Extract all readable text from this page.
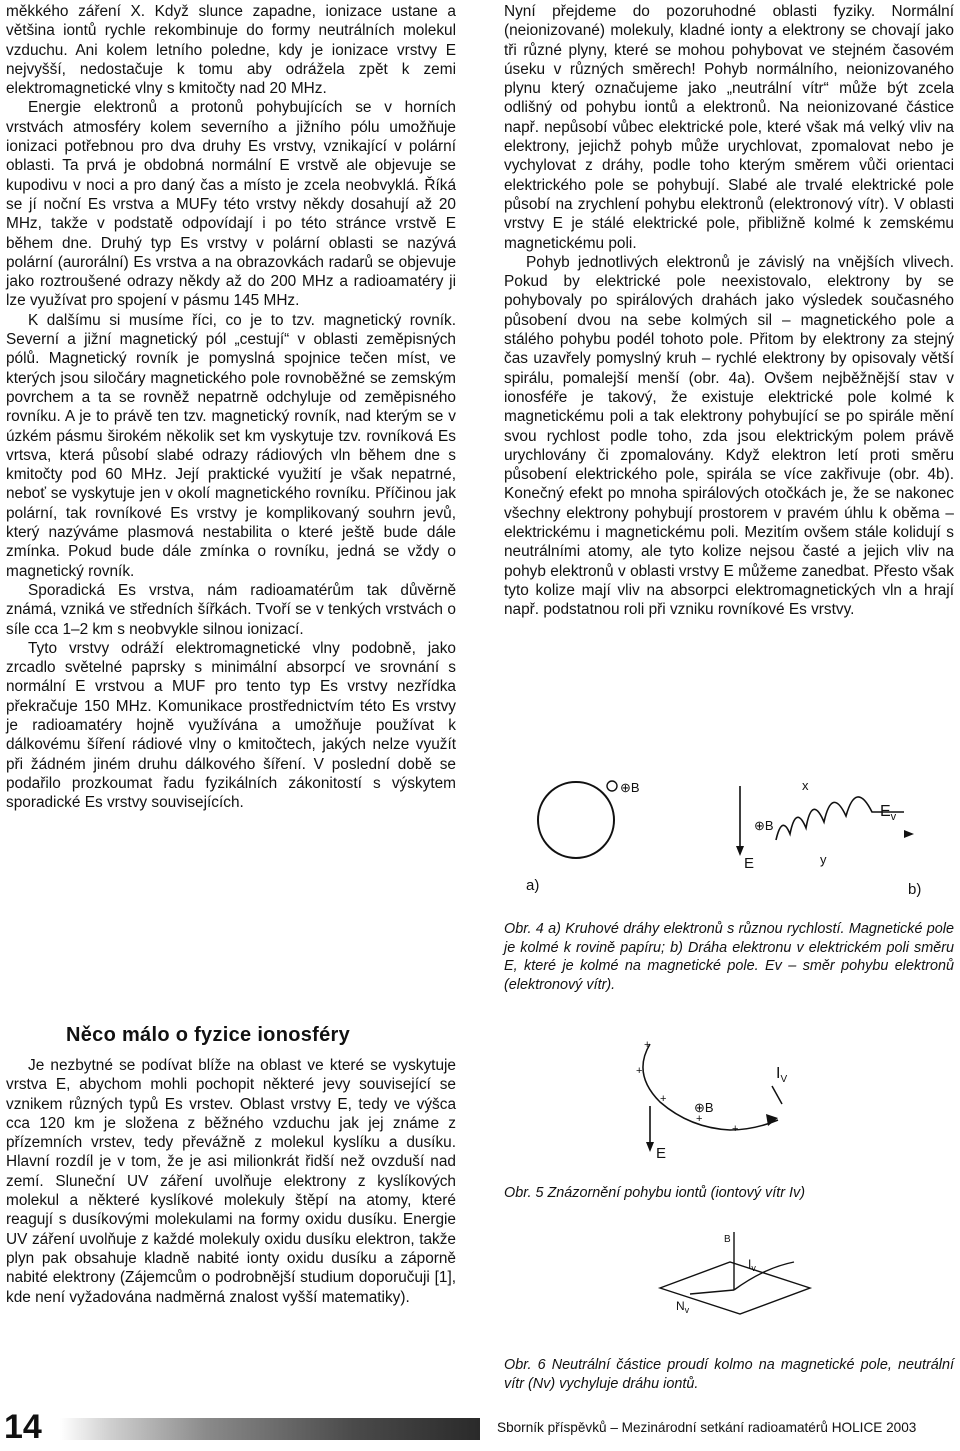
měkkého záření X. Když slunce zapadne, ionizace ustane a většina iontů rychle rekombinuje do formy neutrálních molekul vzduchu. Ani kolem letního poledne, kdy je ionizace vrstvy E nejvyšší, nedostačuje k tomu aby odrážela zpět k zemi elektromagnetické vlny s kmitočty nad 20 MHz.

Energie elektronů a protonů pohybujících se v horních vrstvách atmosféry kolem severního a jižního pólu umožňuje ionizaci potřebnou pro dva druhy Es vrstvy, vznikající v polární oblasti. Ta prvá je obdobná normální E vrstvě ale objevuje se kupodivu v noci a pro daný čas a místo je zcela neobvyklá. Říká se jí noční Es vrstva a MUFy této vrstvy někdy dosahují až 20 MHz, takže v podstatě odpovídají i po této stránce vrstvě E během dne. Druhý typ Es vrstvy v polární oblasti se nazývá polární (aurorální) Es vrstva a na obrazovkách radarů se objevuje jako roztroušené odrazy někdy až do 200 MHz a radioamatéry ji lze využívat pro spojení v pásmu 145 MHz.

K dalšímu si musíme říci, co je to tzv. magnetický rovník. Severní a jižní magnetický pól „cestují“ v oblasti zeměpisných pólů. Magnetický rovník je pomyslná spojnice tečen míst, ve kterých jsou siločáry magnetického pole rovnoběžné se zemským povrchem a ta se rovněž nepatrně odchyluje od zeměpisného rovníku. A je to právě ten tzv. magnetický rovník, nad kterým se v úzkém pásmu širokém několik set km vyskytuje tzv. rovníková Es vrtsva, která působí slabé odrazy rádiových vln během dne s kmitočty pod 60 MHz. Její praktické využití je však nepatrné, neboť se vyskytuje jen v okolí magnetického rovníku. Příčinou jak polární, tak rovníkové Es vrstvy je komplikovaný souhrn jevů, který nazýváme plasmová nestabilita o které ještě bude dále zmínka. Pokud bude dále zmínka o rovníku, jedná se vždy o magnetický rovník.

Sporadická Es vrstva, nám radioamatérům tak důvěrně známá, vzniká ve středních šířkách. Tvoří se v tenkých vrstvách o síle cca 1–2 km s neobvykle silnou ionizací.

Tyto vrstvy odráží elektromagnetické vlny podobně, jako zrcadlo světelné paprsky s minimální absorpcí ve srovnání s normální E vrstvou a MUF pro tento typ Es vrstvy nezřídka překračuje 150 MHz. Komunikace prostřednictvím této Es vrstvy je radioamatéry hojně využívána a umožňuje používat k dálkovému šíření rádiové vlny o kmitočtech, jakých nelze využít při žádném jiném druhu dálkového šíření. V poslední době se podařilo prozkoumat řadu fyzikálních zákonitostí s výskytem sporadické Es vrstvy souvisejících.

Něco málo o fyzice ionosféry

Je nezbytné se podívat blíže na oblast ve které se vyskytuje vrstva E, abychom mohli pochopit některé jevy související se vznikem různých typů Es vrstev. Oblast vrstvy E, tedy ve výšca cca 120 km je složena z běžného vzduchu jak jej známe z přízemních vrstev, tedy převážně z molekul kyslíku a dusíku. Hlavní rozdíl je v tom, že je asi milionkrát řidší než ovzduší nad zemí. Sluneční UV záření uvolňuje elektrony z kyslíkových molekul a některé kyslíkové molekuly štěpí na atomy, které reagují s dusíkovými molekulami na formy oxidu dusíku. Energie UV záření uvolňuje z každé molekuly oxidu dusíku elektron, takže plyn pak obsahuje kladně nabité ionty oxidu dusíku a záporně nabité elektrony (Zájemcům o podrobnější studium doporučuji [1], kde není vyžadována nadměrná znalost vyšší matematiky).

Nyní přejdeme do pozoruhodné oblasti fyziky. Normální (neionizované) molekuly, kladné ionty a elektrony se chovají jako tři různé plyny, které se mohou pohybovat ve stejném časovém úseku v různých směrech! Pohyb normálního, neionizovaného plynu který označujeme jako „neutrální vítr“ může být zcela odlišný od pohybu iontů a elektronů. Na neionizované částice např. nepůsobí vůbec elektrické pole, které však má velký vliv na elektrony, jejichž pohyb může urychlovat, zpomalovat nebo je vychylovat z dráhy, podle toho kterým směrem vůči orientaci elektrického pole se pohybují. Slabé ale trvalé elektrické pole působí na zrychlení pohybu elektronů (elektronový vítr). V oblasti vrstvy E je stálé elektrické pole, přibližně kolmé k zemskému magnetickému poli.

Pohyb jednotlivých elektronů je závislý na vnějších vlivech. Pokud by elektrické pole neexistovalo, elektrony by se pohybovaly po spirálových drahách jako výsledek současného působení dvou na sebe kolmých sil – magnetického pole a stálého pohybu podél tohoto pole. Přitom by elektrony za stejný čas uzavřely pomyslný kruh – rychlé elektrony by opisovaly větší spirálu, pomalejší menší (obr. 4a). Ovšem nejběžnější stav v ionosféře je takový, že existuje elektrické pole kolmé k magnetickému poli a tak elektrony pohybující se po spirále mění svou rychlost podle toho, zda jsou elektrickým polem právě urychlovány či zpomalovány. Když elektron letí proti směru působení elektrického pole, spirála se více zakřivuje (obr. 4b). Konečný efekt po mnoha spirálových otočkách je, že se nakonec všechny elektrony pohybují prostorem v pravém úhlu k oběma – elektrickému i magnetickému poli. Mezitím ovšem stále kolidují s neutrálními atomy, ale tyto kolize nejsou časté a jejich vliv na pohyb elektronů v oblasti vrstvy E můžeme zanedbat. Přesto však tyto kolize mají vliv na absorpci elektromagnetických vln a hrají např. podstatnou roli při vzniku rovníkové Es vrstvy.

⊕B
a)
E
⊕B
x
y
$E_v$
b)
Obr. 4 a) Kruhové dráhy elektronů s různou rychlostí. Magnetické pole je kolmé k rovině papíru; b) Dráha elektronu v elektrickém poli směru E, které je kolmé na magnetické pole. Ev – směr pohybu elektronů (elektronový vítr).
+
+
+
+
+
E
⊕B
$I_V$
Obr. 5 Znázornění pohybu iontů (iontový vítr Iv)
B
$I_v$
$N_v$
Obr. 6 Neutrální částice proudí kolmo na magnetické pole, neutrální vítr (Nv) vychyluje dráhu iontů.
14	Sborník příspěvků – Mezinárodní setkání radioamatérů HOLICE 2003
